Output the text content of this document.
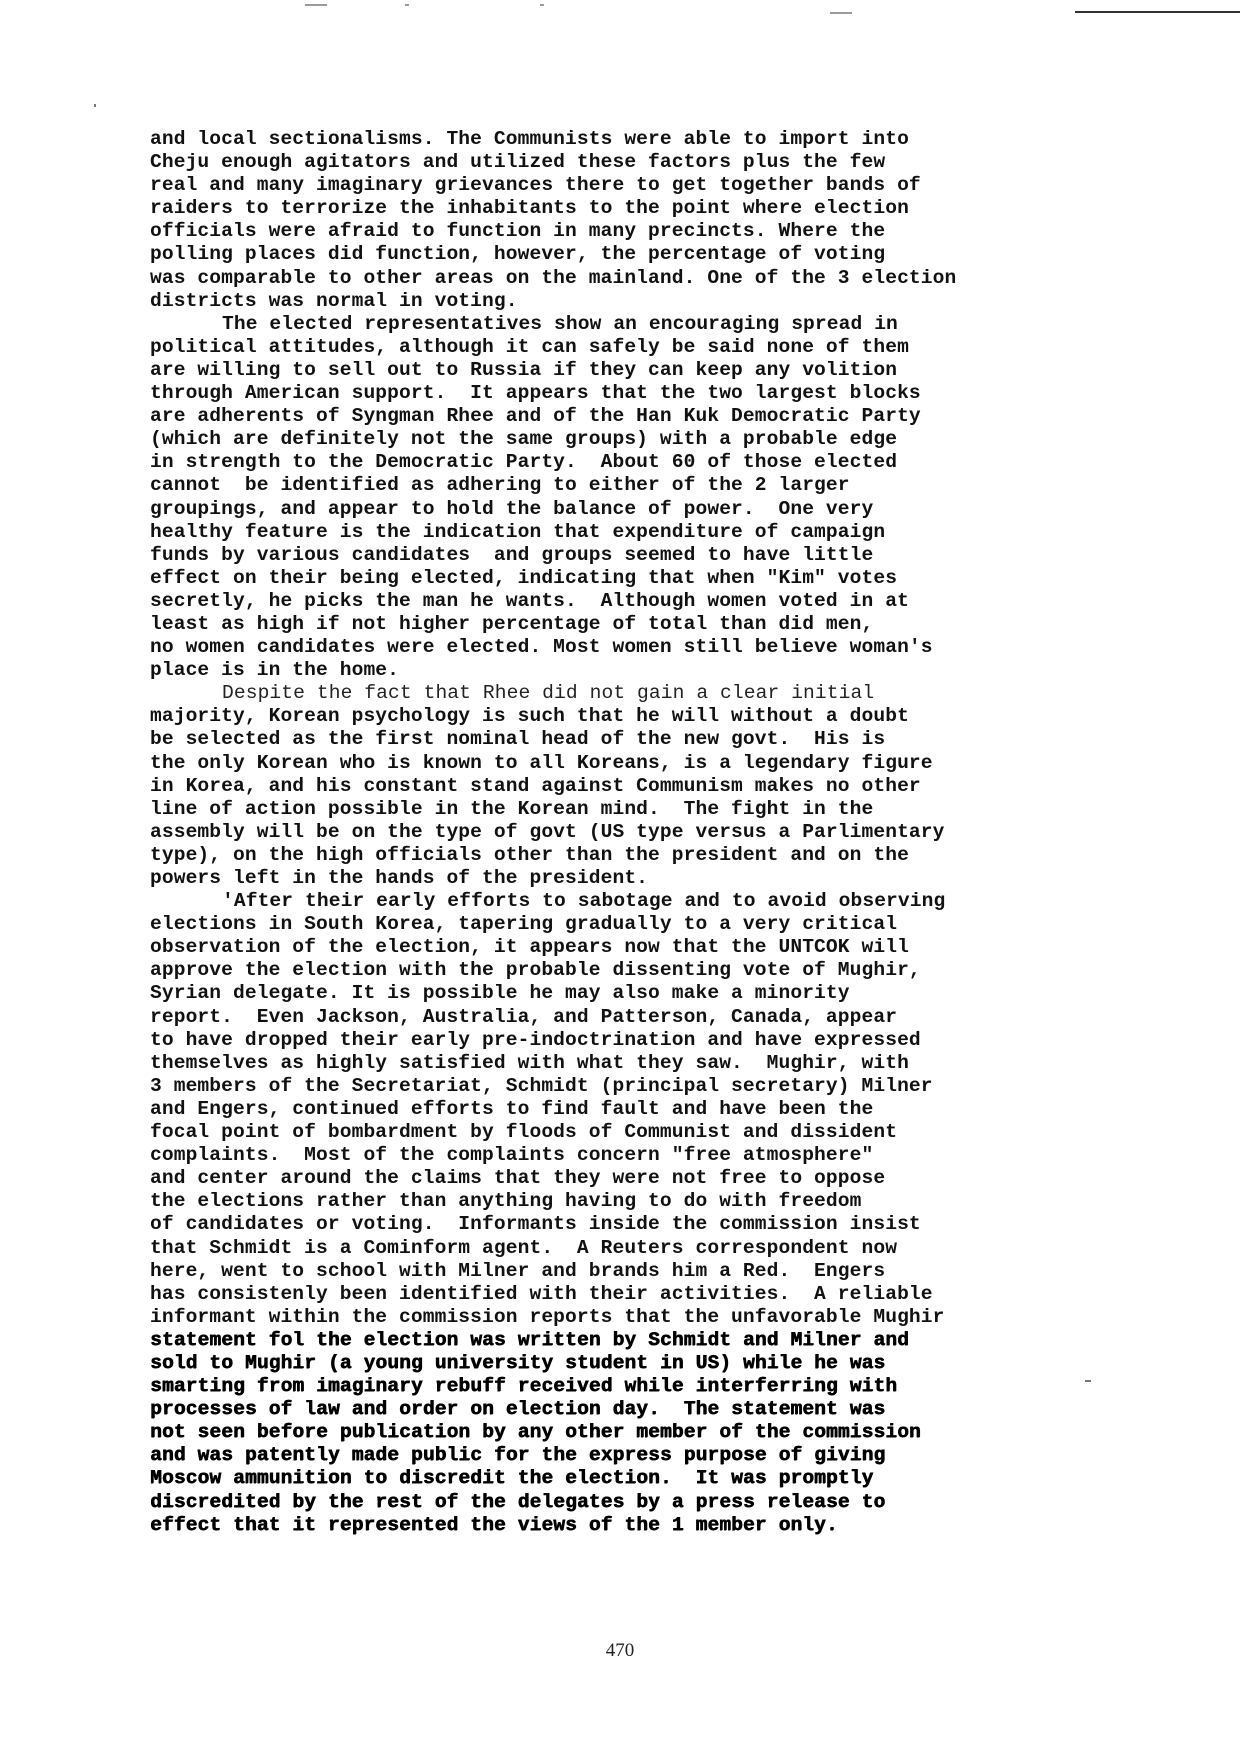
and local sectionalisms. The Communists were able to import into
Cheju enough agitators and utilized these factors plus the few
real and many imaginary grievances there to get together bands of
raiders to terrorize the inhabitants to the point where election
officials were afraid to function in many precincts. Where the
polling places did function, however, the percentage of voting
was comparable to other areas on the mainland. One of the 3 election
districts was normal in voting.
The elected representatives show an encouraging spread in
political attitudes, although it can safely be said none of them
are willing to sell out to Russia if they can keep any volition
through American support.  It appears that the two largest blocks
are adherents of Syngman Rhee and of the Han Kuk Democratic Party
(which are definitely not the same groups) with a probable edge
in strength to the Democratic Party.  About 60 of those elected
cannot  be identified as adhering to either of the 2 larger
groupings, and appear to hold the balance of power.  One very
healthy feature is the indication that expenditure of campaign
funds by various candidates  and groups seemed to have little
effect on their being elected, indicating that when "Kim" votes
secretly, he picks the man he wants.  Although women voted in at
least as high if not higher percentage of total than did men,
no women candidates were elected. Most women still believe woman's
place is in the home.
Despite the fact that Rhee did not gain a clear initial
majority, Korean psychology is such that he will without a doubt
be selected as the first nominal head of the new govt.  His is
the only Korean who is known to all Koreans, is a legendary figure
in Korea, and his constant stand against Communism makes no other
line of action possible in the Korean mind.  The fight in the
assembly will be on the type of govt (US type versus a Parlimentary
type), on the high officials other than the president and on the
powers left in the hands of the president.
'After their early efforts to sabotage and to avoid observing
elections in South Korea, tapering gradually to a very critical
observation of the election, it appears now that the UNTCOK will
approve the election with the probable dissenting vote of Mughir,
Syrian delegate. It is possible he may also make a minority
report.  Even Jackson, Australia, and Patterson, Canada, appear
to have dropped their early pre-indoctrination and have expressed
themselves as highly satisfied with what they saw.  Mughir, with
3 members of the Secretariat, Schmidt (principal secretary) Milner
and Engers, continued efforts to find fault and have been the
focal point of bombardment by floods of Communist and dissident
complaints.  Most of the complaints concern "free atmosphere"
and center around the claims that they were not free to oppose
the elections rather than anything having to do with freedom
of candidates or voting.  Informants inside the commission insist
that Schmidt is a Cominform agent.  A Reuters correspondent now
here, went to school with Milner and brands him a Red.  Engers
has consistenly been identified with their activities.  A reliable
informant within the commission reports that the unfavorable Mughir
statement fol the election was written by Schmidt and Milner and
sold to Mughir (a young university student in US) while he was
smarting from imaginary rebuff received while interferring with
processes of law and order on election day.  The statement was
not seen before publication by any other member of the commission
and was patently made public for the express purpose of giving
Moscow ammunition to discredit the election.  It was promptly
discredited by the rest of the delegates by a press release to
effect that it represented the views of the 1 member only.
470
